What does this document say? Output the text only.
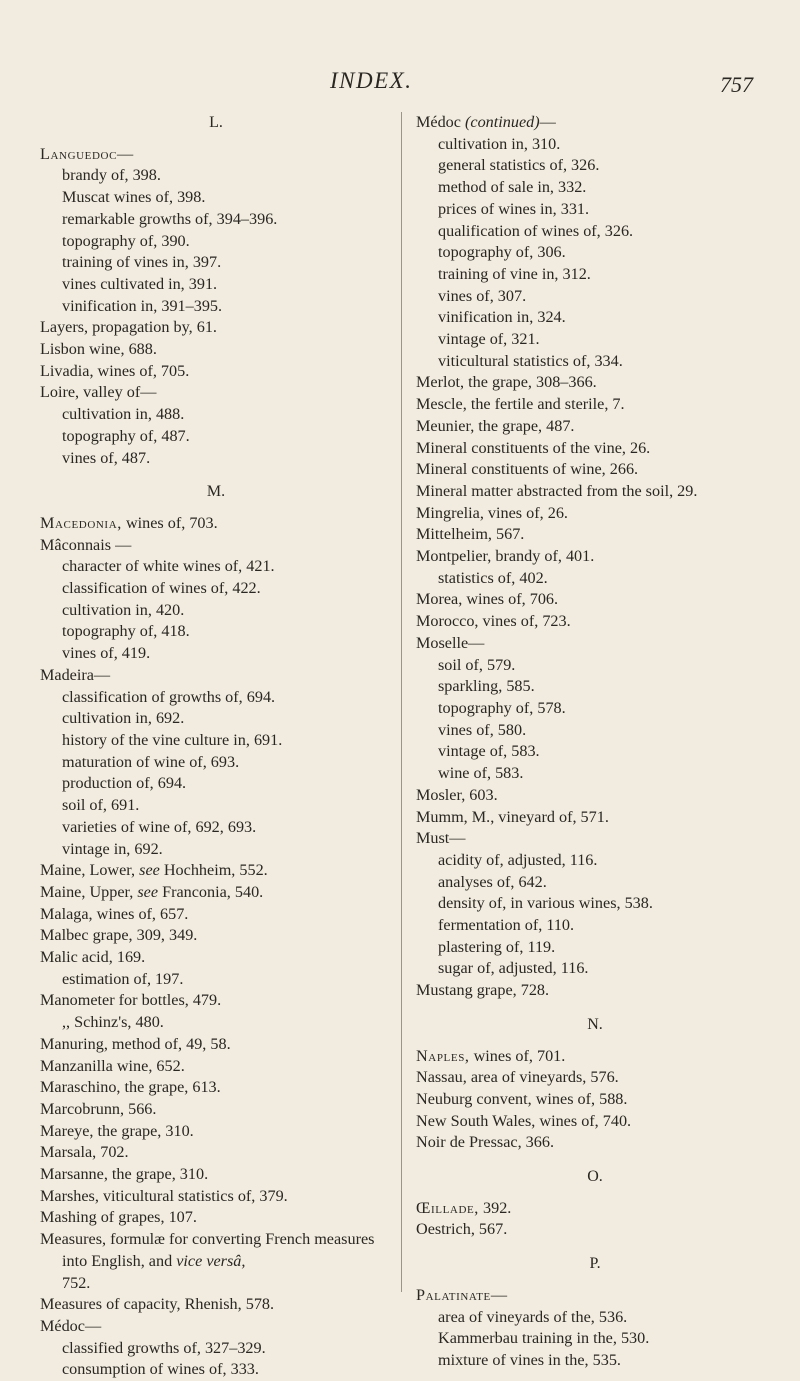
INDEX.	757
L.
Languedoc—
brandy of, 398.
Muscat wines of, 398.
remarkable growths of, 394–396.
topography of, 390.
training of vines in, 397.
vines cultivated in, 391.
vinification in, 391–395.
Layers, propagation by, 61.
Lisbon wine, 688.
Livadia, wines of, 705.
Loire, valley of—
cultivation in, 488.
topography of, 487.
vines of, 487.
M.
Macedonia, wines of, 703.
Mâconnais —
character of white wines of, 421.
classification of wines of, 422.
cultivation in, 420.
topography of, 418.
vines of, 419.
Madeira—
classification of growths of, 694.
cultivation in, 692.
history of the vine culture in, 691.
maturation of wine of, 693.
production of, 694.
soil of, 691.
varieties of wine of, 692, 693.
vintage in, 692.
Maine, Lower, see Hochheim, 552.
Maine, Upper, see Franconia, 540.
Malaga, wines of, 657.
Malbec grape, 309, 349.
Malic acid, 169.
estimation of, 197.
Manometer for bottles, 479.
,, Schinz's, 480.
Manuring, method of, 49, 58.
Manzanilla wine, 652.
Maraschino, the grape, 613.
Marcobrunn, 566.
Mareye, the grape, 310.
Marsala, 702.
Marsanne, the grape, 310.
Marshes, viticultural statistics of, 379.
Mashing of grapes, 107.
Measures, formulæ for converting French measures into English, and vice versâ,
752.
Measures of capacity, Rhenish, 578.
Médoc—
classified growths of, 327–329.
consumption of wines of, 333.
Médoc (continued)—
cultivation in, 310.
general statistics of, 326.
method of sale in, 332.
prices of wines in, 331.
qualification of wines of, 326.
topography of, 306.
training of vine in, 312.
vines of, 307.
vinification in, 324.
vintage of, 321.
viticultural statistics of, 334.
Merlot, the grape, 308–366.
Mescle, the fertile and sterile, 7.
Meunier, the grape, 487.
Mineral constituents of the vine, 26.
Mineral constituents of wine, 266.
Mineral matter abstracted from the soil, 29.
Mingrelia, vines of, 26.
Mittelheim, 567.
Montpelier, brandy of, 401.
statistics of, 402.
Morea, wines of, 706.
Morocco, vines of, 723.
Moselle—
soil of, 579.
sparkling, 585.
topography of, 578.
vines of, 580.
vintage of, 583.
wine of, 583.
Mosler, 603.
Mumm, M., vineyard of, 571.
Must—
acidity of, adjusted, 116.
analyses of, 642.
density of, in various wines, 538.
fermentation of, 110.
plastering of, 119.
sugar of, adjusted, 116.
Mustang grape, 728.
N.
Naples, wines of, 701.
Nassau, area of vineyards, 576.
Neuburg convent, wines of, 588.
New South Wales, wines of, 740.
Noir de Pressac, 366.
O.
Œillade, 392.
Oestrich, 567.
P.
Palatinate—
area of vineyards of the, 536.
Kammerbau training in the, 530.
mixture of vines in the, 535.
